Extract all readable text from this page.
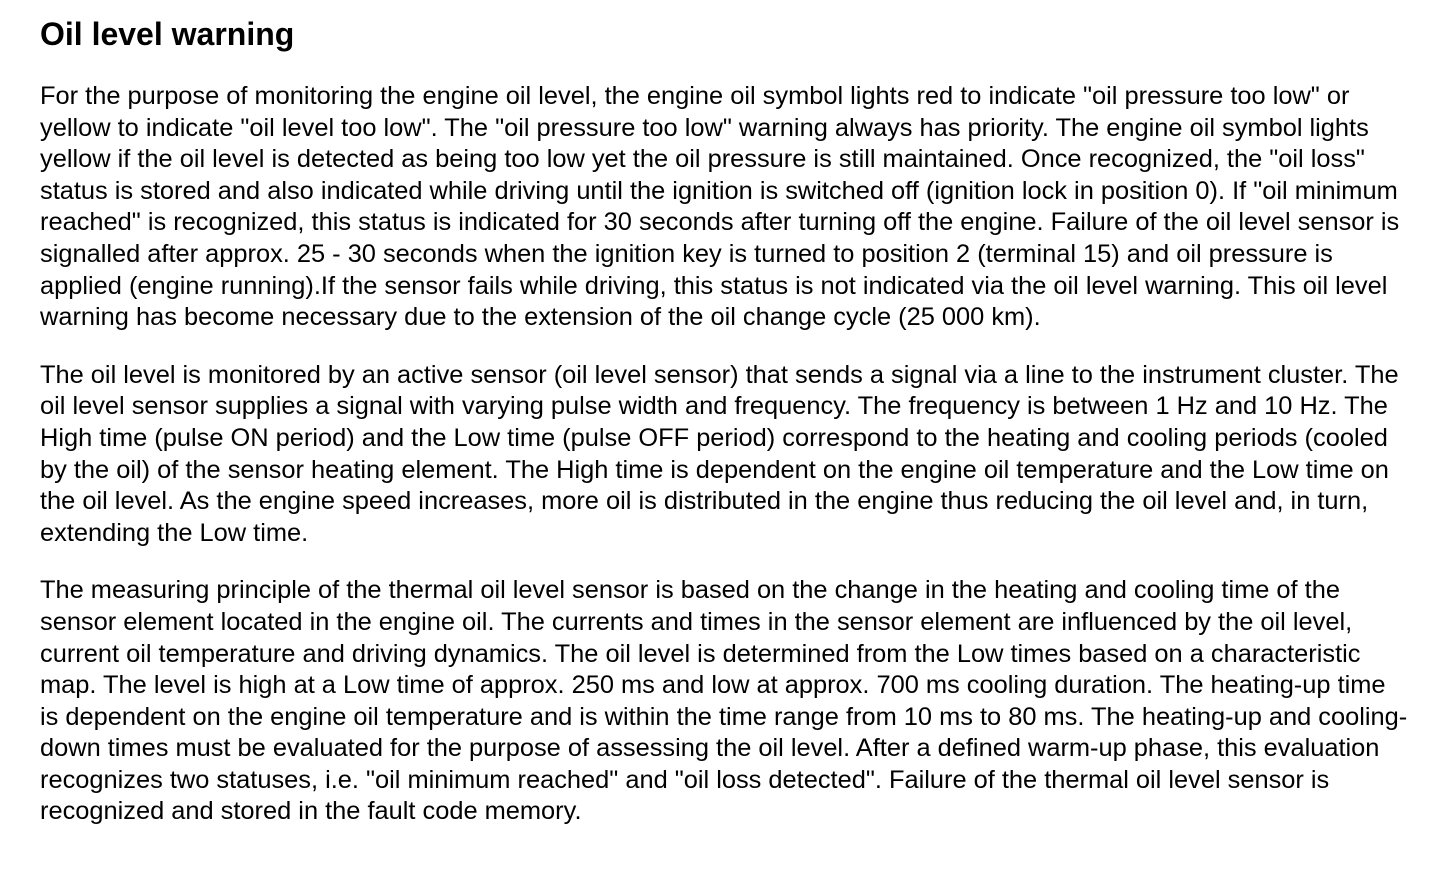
Oil level warning

For the purpose of monitoring the engine oil level, the engine oil symbol lights red to indicate "oil pressure too low" or yellow to indicate "oil level too low". The "oil pressure too low" warning always has priority. The engine oil symbol lights yellow if the oil level is detected as being too low yet the oil pressure is still maintained. Once recognized, the "oil loss" status is stored and also indicated while driving until the ignition is switched off (ignition lock in position 0). If "oil minimum reached" is recognized, this status is indicated for 30 seconds after turning off the engine. Failure of the oil level sensor is signalled after approx. 25 - 30 seconds when the ignition key is turned to position 2 (terminal 15) and oil pressure is applied (engine running).If the sensor fails while driving, this status is not indicated via the oil level warning. This oil level warning has become necessary due to the extension of the oil change cycle (25 000 km).

The oil level is monitored by an active sensor (oil level sensor) that sends a signal via a line to the instrument cluster. The oil level sensor supplies a signal with varying pulse width and frequency. The frequency is between 1 Hz and 10 Hz. The High time (pulse ON period) and the Low time (pulse OFF period) correspond to the heating and cooling periods (cooled by the oil) of the sensor heating element. The High time is dependent on the engine oil temperature and the Low time on the oil level. As the engine speed increases, more oil is distributed in the engine thus reducing the oil level and, in turn, extending the Low time.

The measuring principle of the thermal oil level sensor is based on the change in the heating and cooling time of the sensor element located in the engine oil. The currents and times in the sensor element are influenced by the oil level, current oil temperature and driving dynamics. The oil level is determined from the Low times based on a characteristic map. The level is high at a Low time of approx. 250 ms and low at approx. 700 ms cooling duration. The heating-up time is dependent on the engine oil temperature and is within the time range from 10 ms to 80 ms. The heating-up and cooling-down times must be evaluated for the purpose of assessing the oil level. After a defined warm-up phase, this evaluation recognizes two statuses, i.e. "oil minimum reached" and "oil loss detected". Failure of the thermal oil level sensor is recognized and stored in the fault code memory.
